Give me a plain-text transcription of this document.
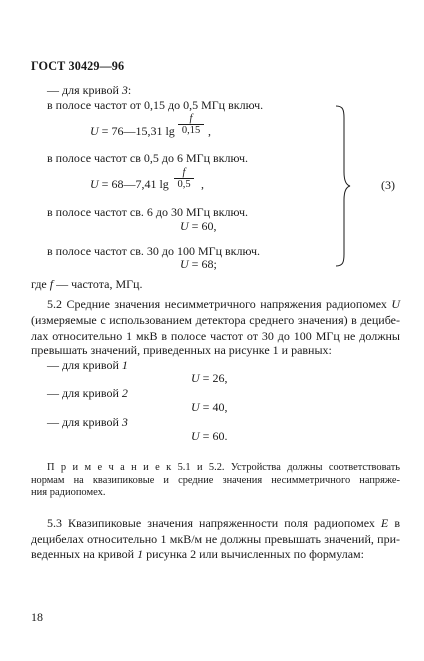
ГОСТ 30429—96
— для кривой 3:
в полосе частот от 0,15 до 0,5 МГц включ.
U = 76—15,31 $\lg \frac{f}{0,15}$ ,
в полосе частот св 0,5 до 6 МГц включ.
U = 68—7,41 $\lg \frac{f}{0,5}$ ,
в полосе частот св. 6 до 30 МГц включ.
U = 60,
в полосе частот св. 30 до 100 МГц включ.
U = 68;
(3)
где f — частота, МГц.
5.2 Средние значения несимметричного напряжения радиопомех U
(измеряемые с использованием детектора среднего значения) в децибе-
лах относительно 1 мкВ в полосе частот от 30 до 100 МГц не должны
превышать значений, приведенных на рисунке 1 и равных:
— для кривой 1
U = 26,
— для кривой 2
U = 40,
— для кривой 3
U = 60.
П р и м е ч а н и е к 5.1 и 5.2. Устройства должны соответствовать
нормам на квазипиковые и средние значения несимметричного напряже-
ния радиопомех.
5.3 Квазипиковые значения напряженности поля радиопомех E в
децибелах относительно 1 мкВ/м не должны превышать значений, при-
веденных на кривой 1 рисунка 2 или вычисленных по формулам:
18
